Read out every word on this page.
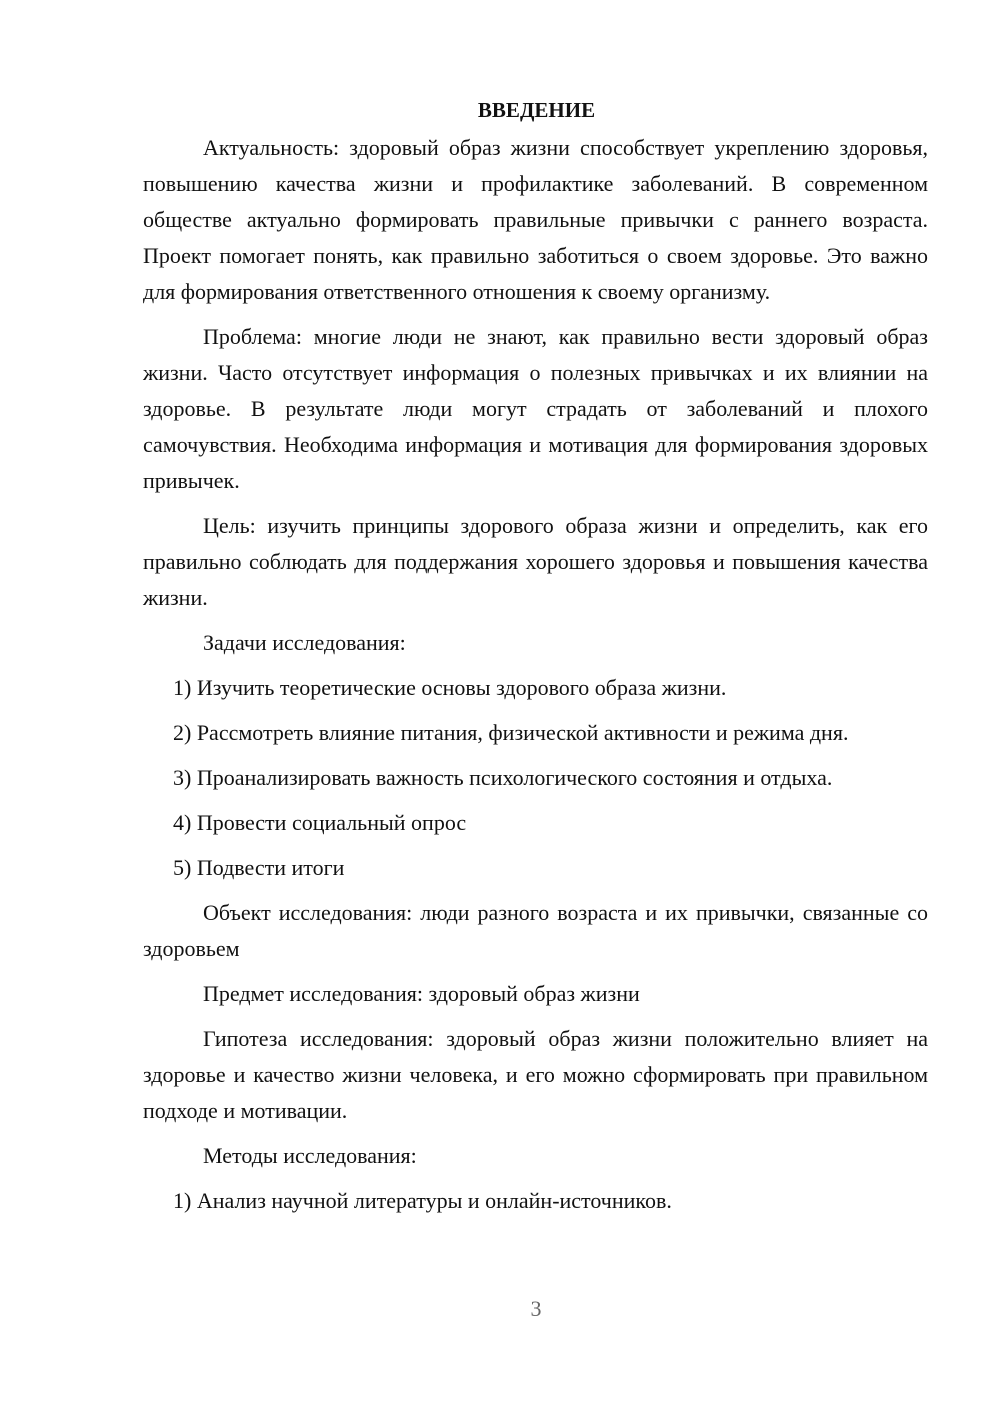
ВВЕДЕНИЕ

Актуальность: здоровый образ жизни способствует укреплению здоровья, повышению качества жизни и профилактике заболеваний. В современном обществе актуально формировать правильные привычки с раннего возраста. Проект помогает понять, как правильно заботиться о своем здоровье. Это важно для формирования ответственного отношения к своему организму.

Проблема: многие люди не знают, как правильно вести здоровый образ жизни. Часто отсутствует информация о полезных привычках и их влиянии на здоровье. В результате люди могут страдать от заболеваний и плохого самочувствия. Необходима информация и мотивация для формирования здоровых привычек.

Цель: изучить принципы здорового образа жизни и определить, как его правильно соблюдать для поддержания хорошего здоровья и повышения качества жизни.

Задачи исследования:

1) Изучить теоретические основы здорового образа жизни.

2) Рассмотреть влияние питания, физической активности и режима дня.

3) Проанализировать важность психологического состояния и отдыха.

4) Провести социальный опрос

5) Подвести итоги

Объект исследования: люди разного возраста и их привычки, связанные со здоровьем

Предмет исследования: здоровый образ жизни

Гипотеза исследования: здоровый образ жизни положительно влияет на здоровье и качество жизни человека, и его можно сформировать при правильном подходе и мотивации.

Методы исследования:

1) Анализ научной литературы и онлайн-источников.

3
